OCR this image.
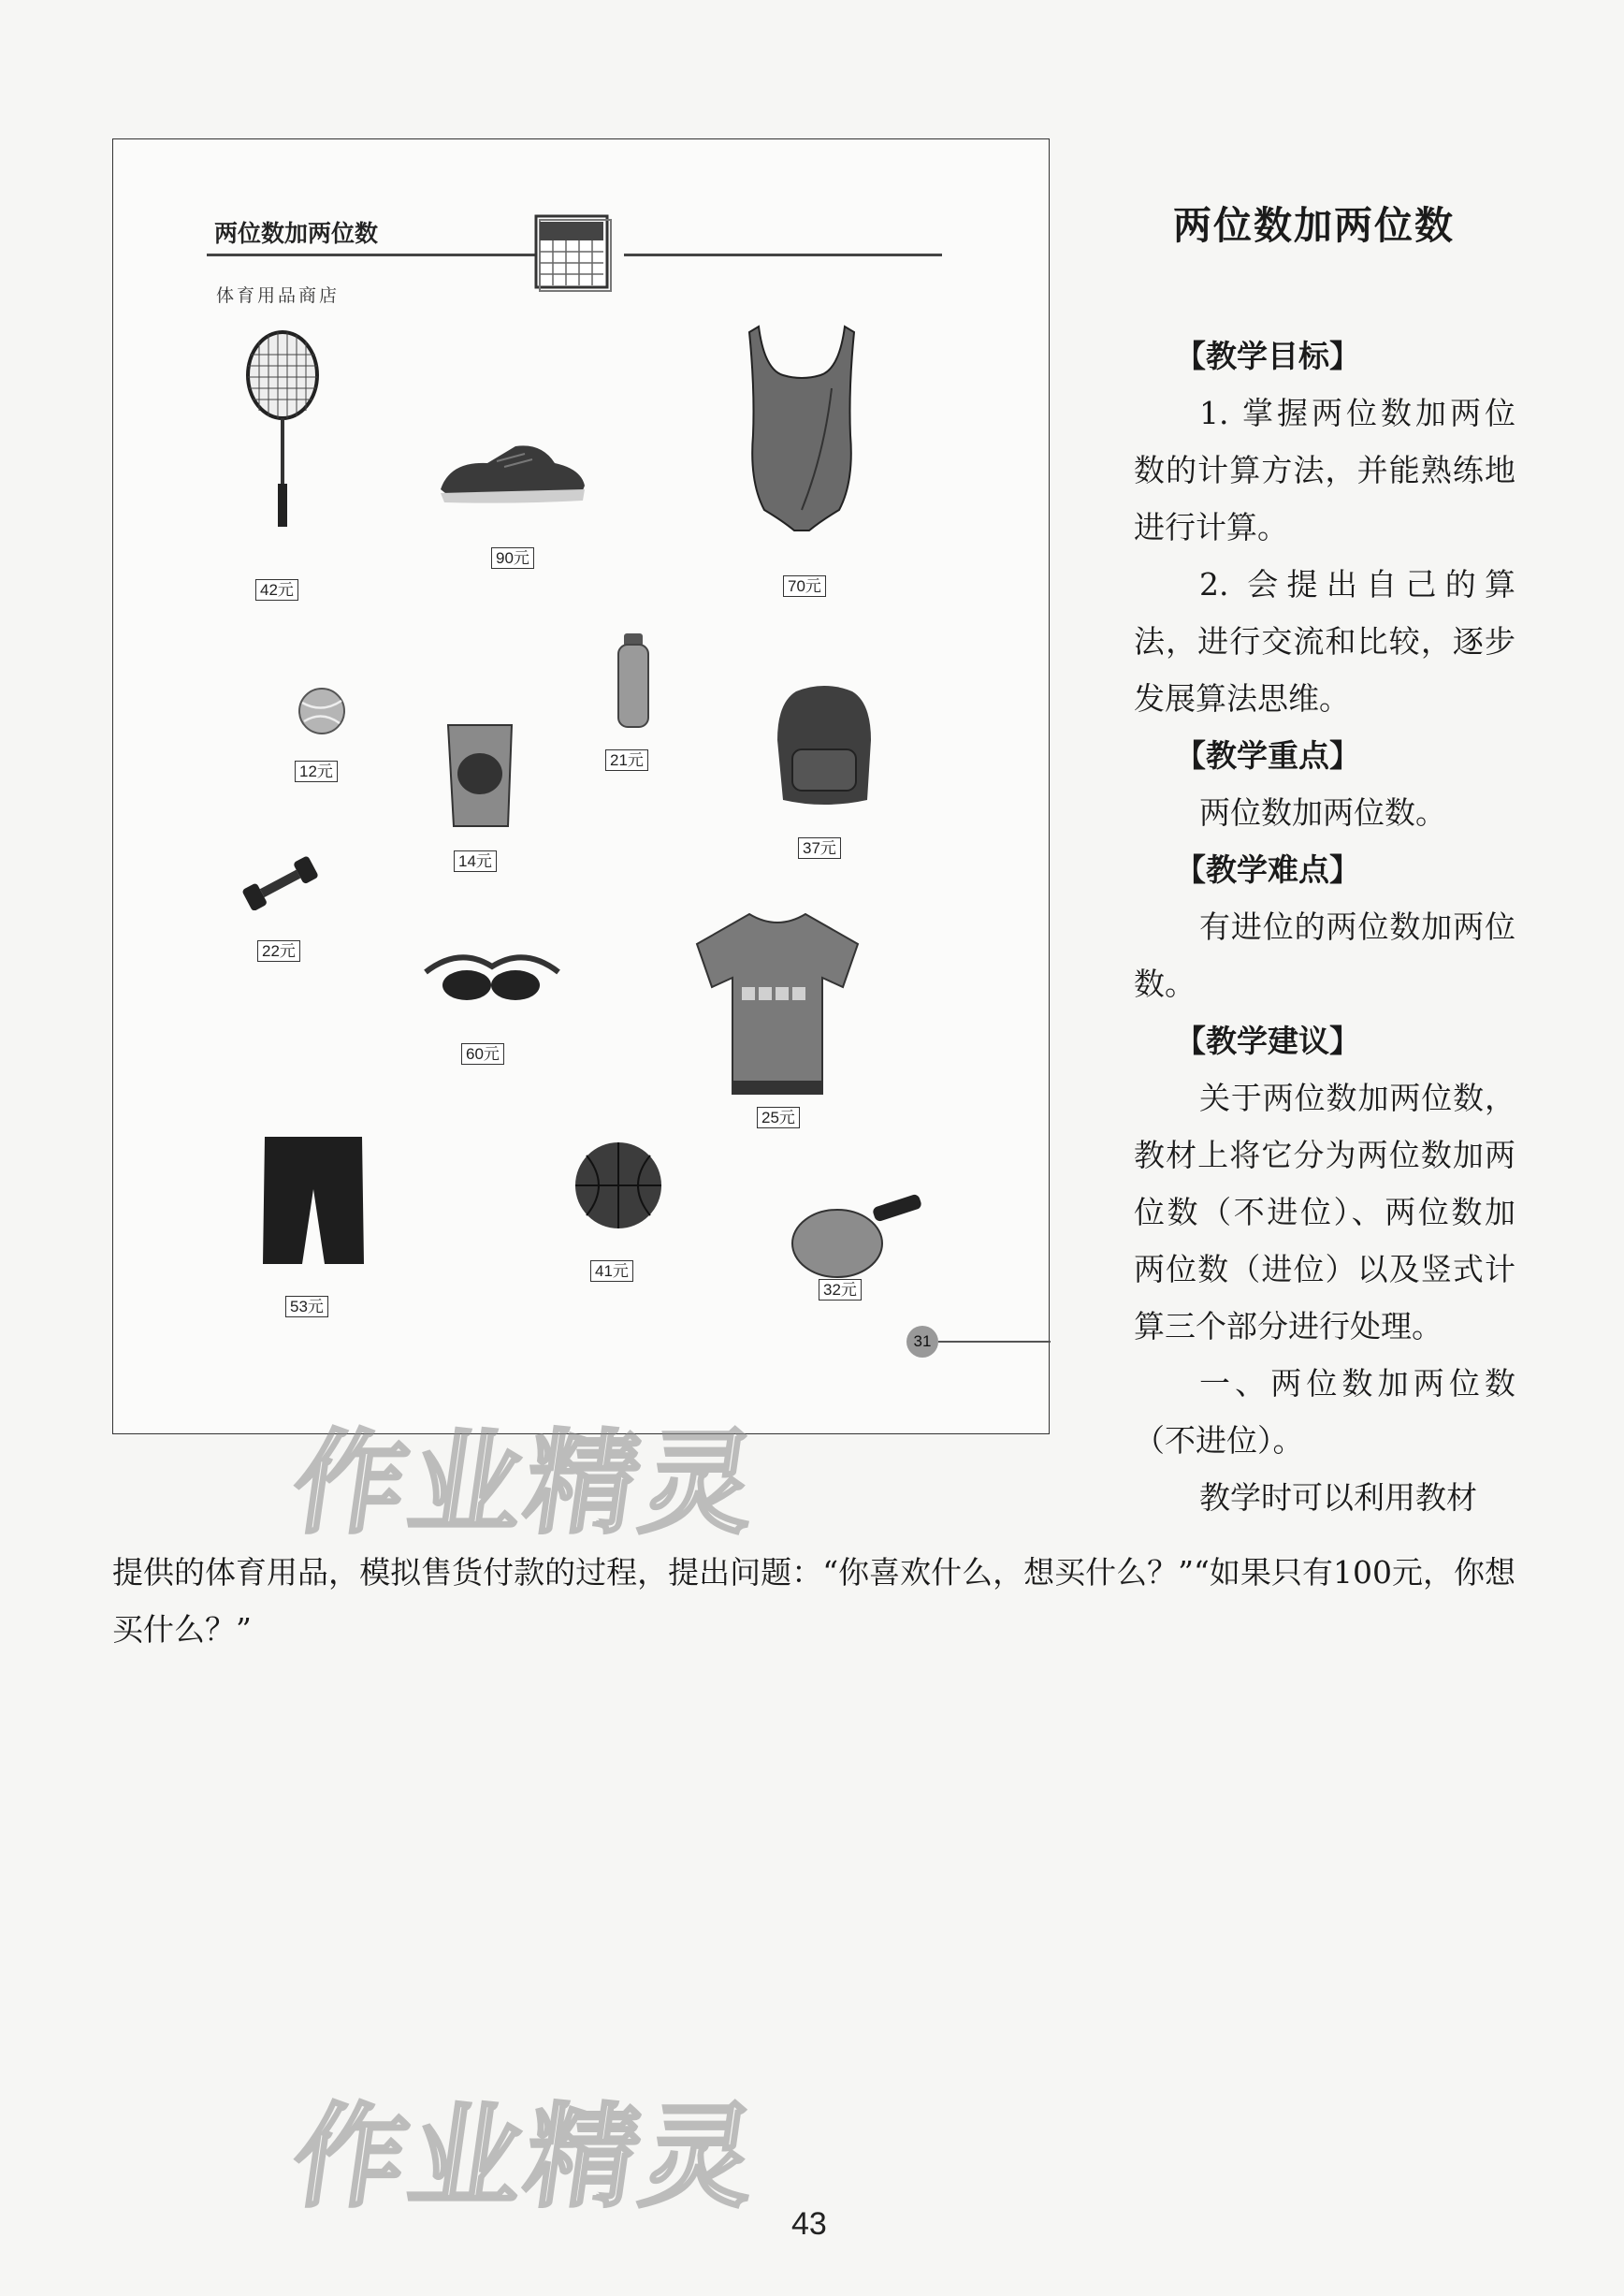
两位数加两位数
体育用品商店
42元
90元
70元
12元
14元
21元
37元
22元
60元
25元
53元
41元
32元
31
两位数加两位数

【教学目标】

1. 掌握两位数加两位数的计算方法，并能熟练地进行计算。

2. 会提出自己的算法，进行交流和比较，逐步发展算法思维。

【教学重点】

两位数加两位数。

【教学难点】

有进位的两位数加两位数。

【教学建议】

关于两位数加两位数，教材上将它分为两位数加两位数（不进位）、两位数加两位数（进位）以及竖式计算三个部分进行处理。

一、两位数加两位数（不进位）。

教学时可以利用教材

提供的体育用品，模拟售货付款的过程，提出问题：“你喜欢什么，想买什么？”“如果只有100元，你想买什么？”
作业精灵
作业精灵
43
